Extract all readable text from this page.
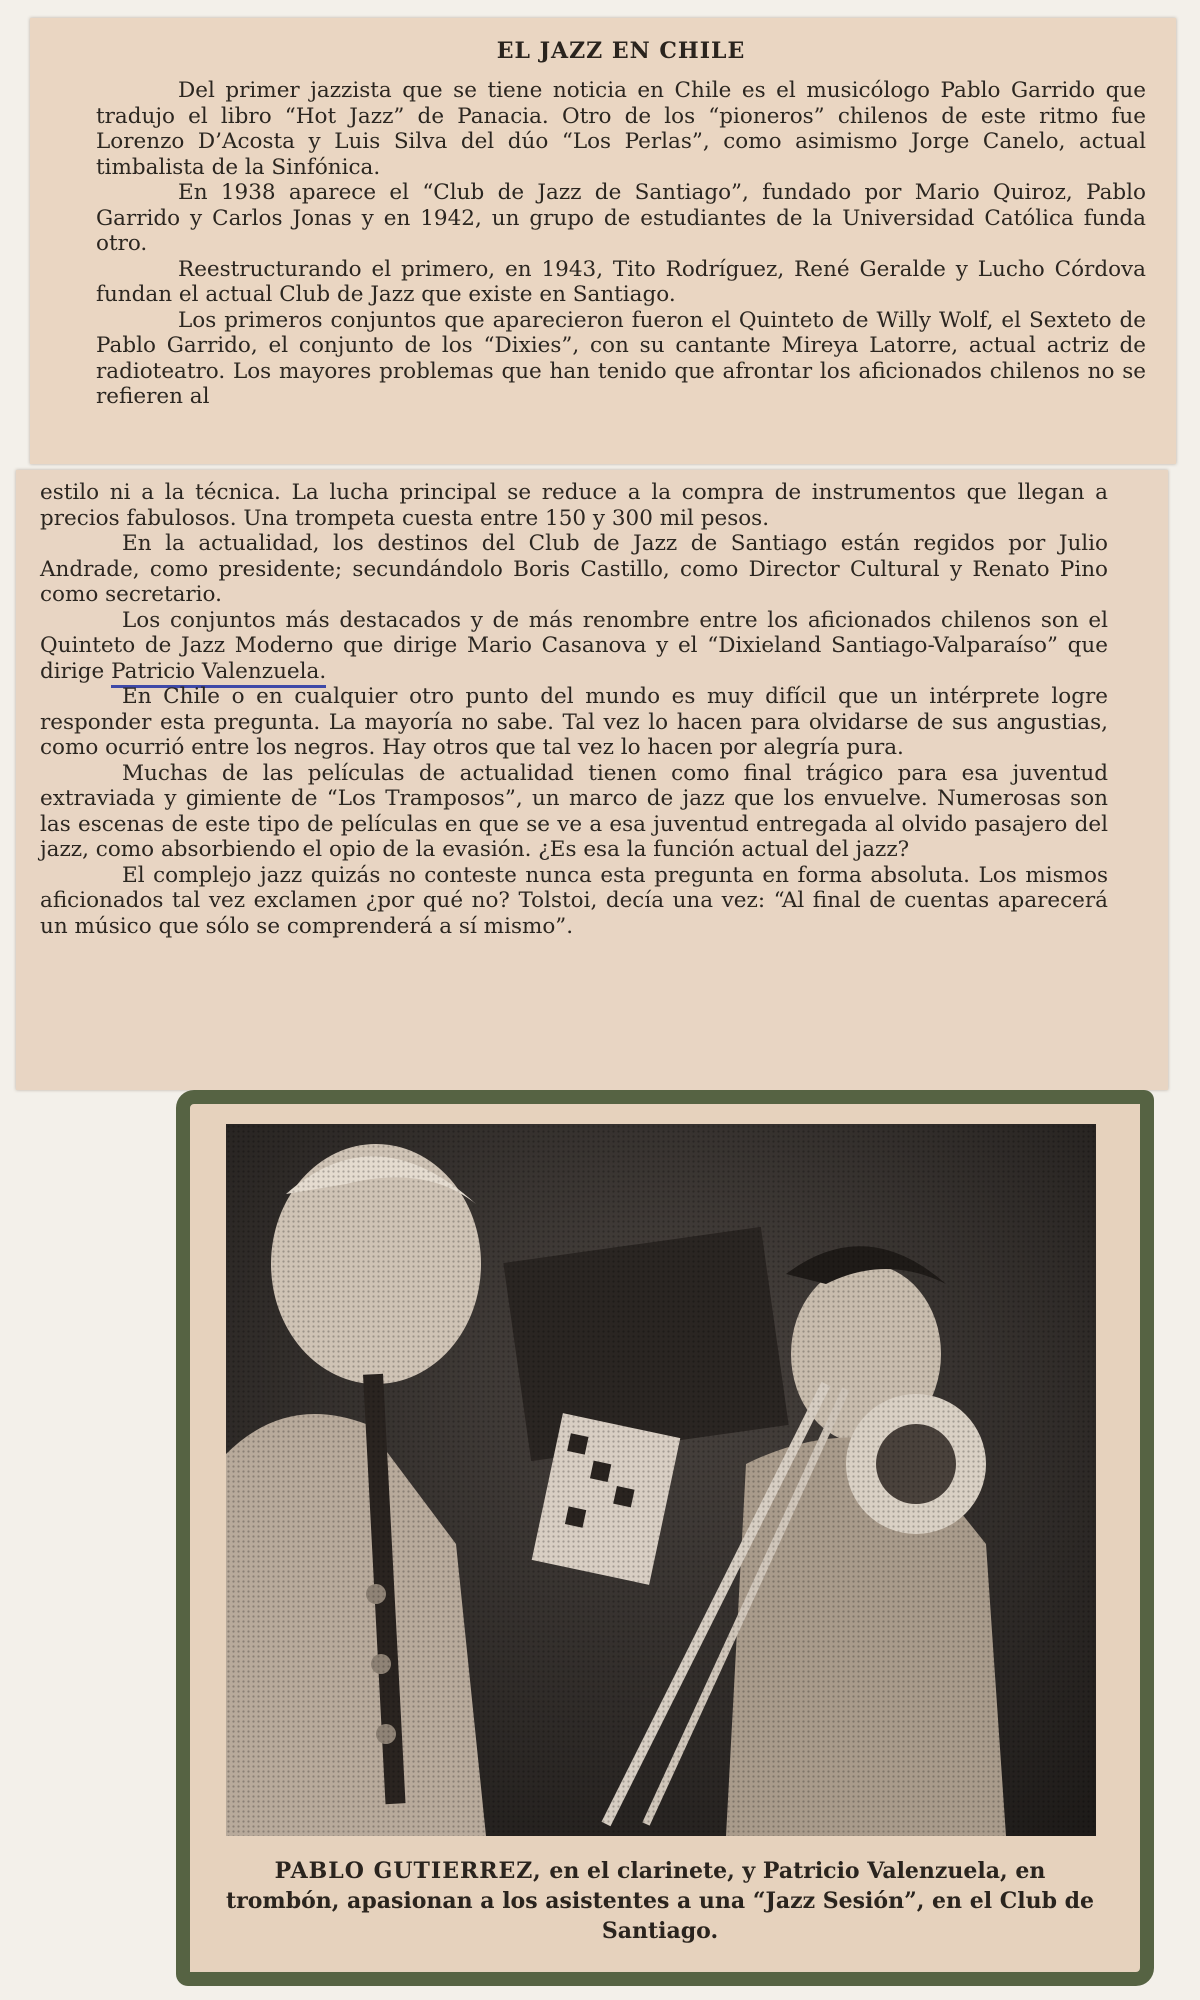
EL JAZZ EN CHILE

Del primer jazzista que se tiene noticia en Chile es el musicólogo Pablo Garrido que tradujo el libro “Hot Jazz” de Panacia. Otro de los “pioneros” chilenos de este ritmo fue Lorenzo D’Acosta y Luis Silva del dúo “Los Perlas”, como asimismo Jorge Canelo, actual timbalista de la Sinfónica.

En 1938 aparece el “Club de Jazz de Santiago”, fundado por Mario Quiroz, Pablo Garrido y Carlos Jonas y en 1942, un grupo de estudiantes de la Universidad Católica funda otro.

Reestructurando el primero, en 1943, Tito Rodríguez, René Geralde y Lucho Córdova fundan el actual Club de Jazz que existe en Santiago.

Los primeros conjuntos que aparecieron fueron el Quinteto de Willy Wolf, el Sexteto de Pablo Garrido, el conjunto de los “Dixies”, con su cantante Mireya Latorre, actual actriz de radioteatro. Los mayores problemas que han tenido que afrontar los aficionados chilenos no se refieren al

estilo ni a la técnica. La lucha principal se reduce a la compra de instrumentos que llegan a precios fabulosos. Una trompeta cuesta entre 150 y 300 mil pesos.

En la actualidad, los destinos del Club de Jazz de Santiago están regidos por Julio Andrade, como presidente; secundándolo Boris Castillo, como Director Cultural y Renato Pino como secretario.

Los conjuntos más destacados y de más renombre entre los aficionados chilenos son el Quinteto de Jazz Moderno que dirige Mario Casanova y el “Dixieland Santiago-Valparaíso” que dirige Patricio Valenzuela.

En Chile o en cualquier otro punto del mundo es muy difícil que un intérprete logre responder esta pregunta. La mayoría no sabe. Tal vez lo hacen para olvidarse de sus angustias, como ocurrió entre los negros. Hay otros que tal vez lo hacen por alegría pura.

Muchas de las películas de actualidad tienen como final trágico para esa juventud extraviada y gimiente de “Los Tramposos”, un marco de jazz que los envuelve. Numerosas son las escenas de este tipo de películas en que se ve a esa juventud entregada al olvido pasajero del jazz, como absorbiendo el opio de la evasión. ¿Es esa la función actual del jazz?

El complejo jazz quizás no conteste nunca esta pregunta en forma absoluta. Los mismos aficionados tal vez exclamen ¿por qué no? Tolstoi, decía una vez: “Al final de cuentas aparecerá un músico que sólo se comprenderá a sí mismo”.

PABLO GUTIERREZ, en el clarinete, y Patricio Valenzuela, en trombón, apasionan a los asistentes a una “Jazz Sesión”, en el Club de Santiago.
